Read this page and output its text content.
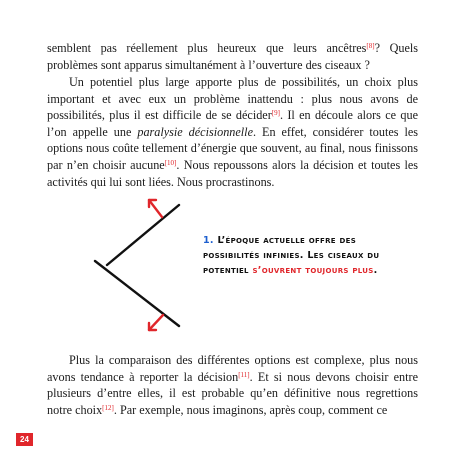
semblent pas réellement plus heureux que leurs ancêtres[8]? Quels problèmes sont apparus simultanément à l’ouverture des ciseaux ?

Un potentiel plus large apporte plus de possibilités, un choix plus important et avec eux un problème inattendu : plus nous avons de possibilités, plus il est difficile de se décider[9]. Il en découle alors ce que l’on appelle une paralysie décisionnelle. En effet, considérer toutes les options nous coûte tellement d’énergie que souvent, au final, nous finissons par n’en choisir aucune[10]. Nous repoussons alors la décision et toutes les activités qui lui sont liées. Nous procrastinons.

1. L’époque actuelle offre des possibilités infinies. Les ciseaux du potentiel s’ouvrent toujours plus.

Plus la comparaison des différentes options est complexe, plus nous avons tendance à reporter la décision[11]. Et si nous devons choisir entre plusieurs d’entre elles, il est probable qu’en définitive nous regrettions notre choix[12]. Par exemple, nous imaginons, après coup, comment ce

24
